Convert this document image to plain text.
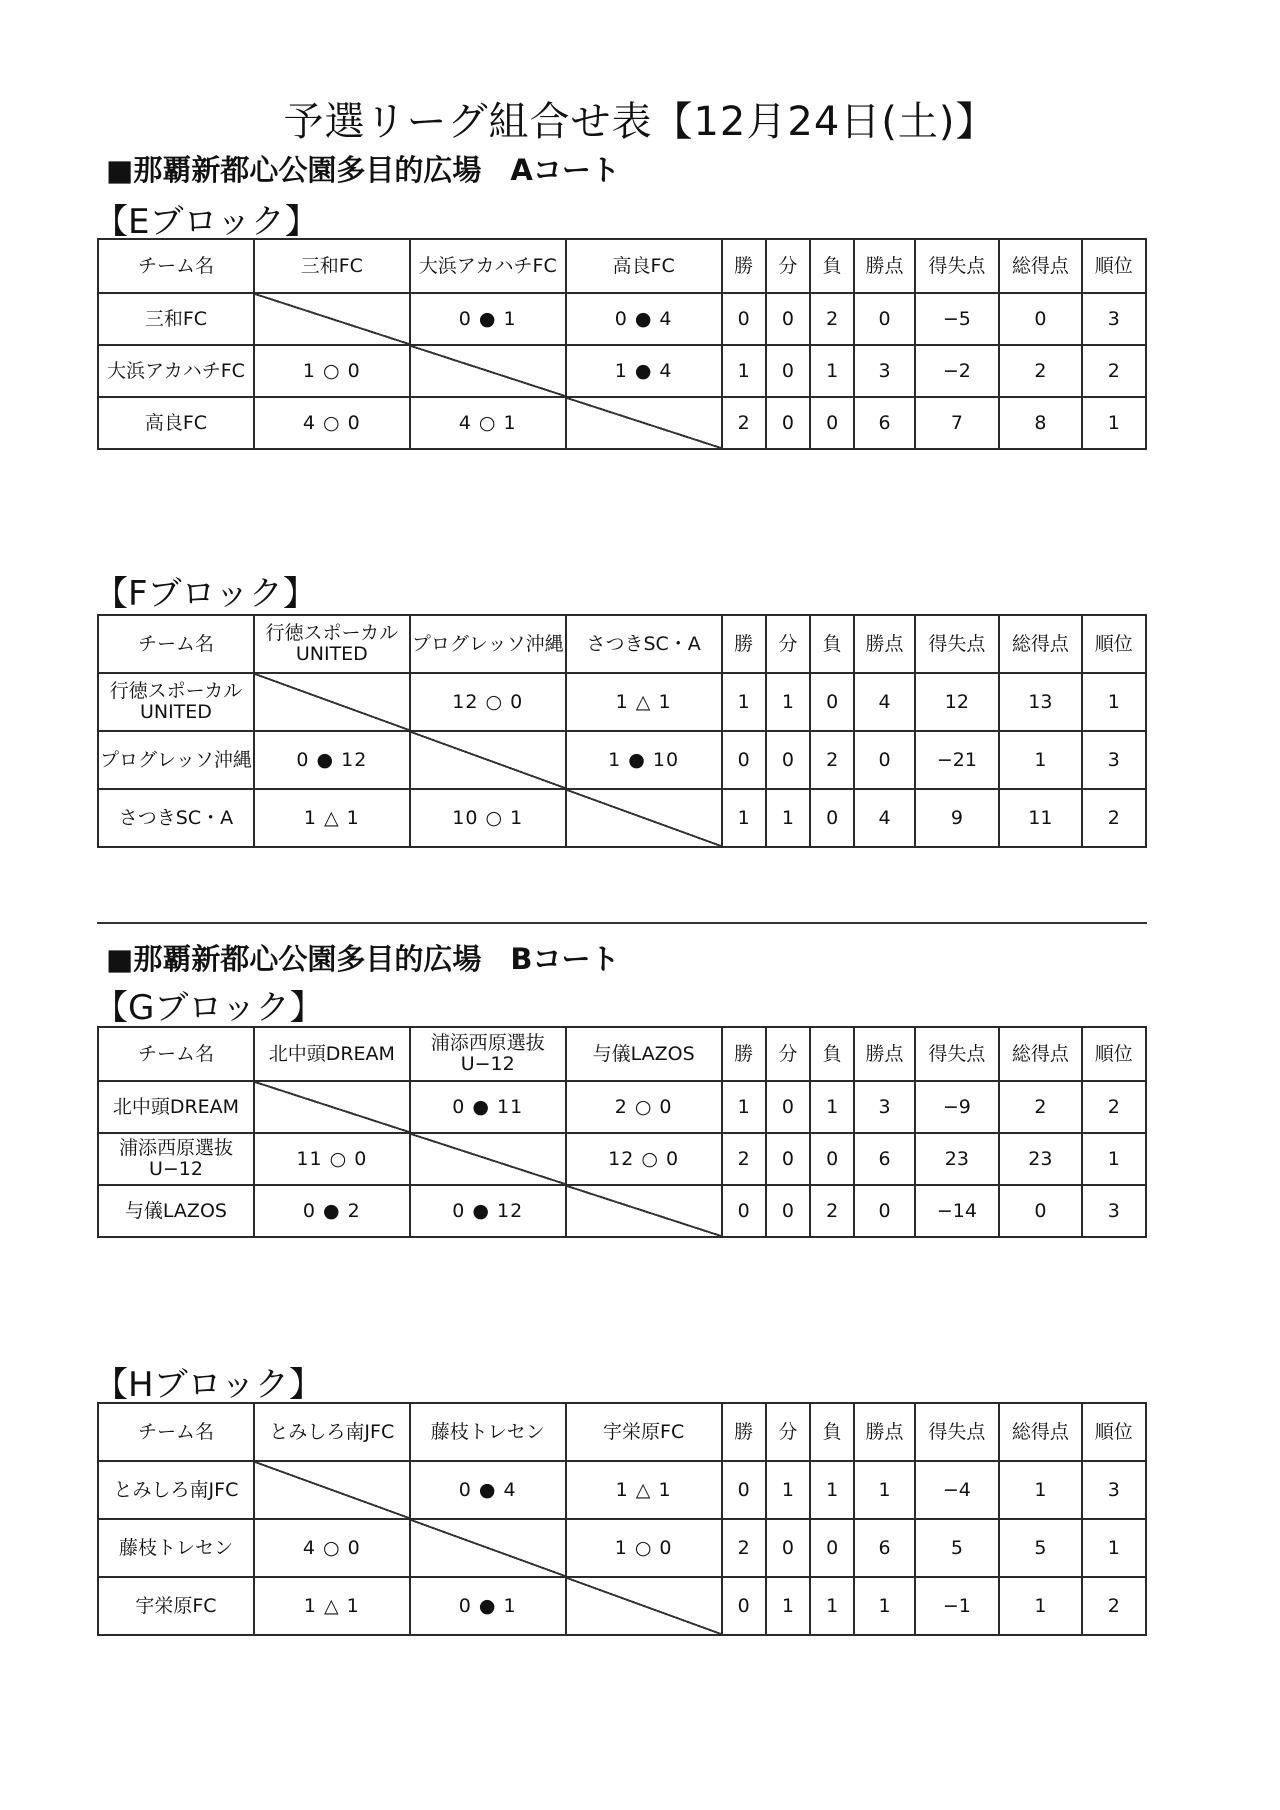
予選リーグ組合せ表【12月24日(土)】
■那覇新都心公園多目的広場　Aコート
【Eブロック】
チーム名	三和FC	大浜アカハチFC	高良FC	勝	分	負	勝点	得失点	総得点	順位
三和FC		0 ● 1	0 ● 4	0	0	2	0	−5	0	3
大浜アカハチFC	1 ○ 0		1 ● 4	1	0	1	3	−2	2	2
高良FC	4 ○ 0	4 ○ 1		2	0	0	6	7	8	1
【Fブロック】
チーム名	行徳スポーカル
UNITED	プログレッソ沖縄	さつきSC・A	勝	分	負	勝点	得失点	総得点	順位
行徳スポーカル
UNITED		12 ○ 0	1 △ 1	1	1	0	4	12	13	1
プログレッソ沖縄	0 ● 12		1 ● 10	0	0	2	0	−21	1	3
さつきSC・A	1 △ 1	10 ○ 1		1	1	0	4	9	11	2
■那覇新都心公園多目的広場　Bコート
【Gブロック】
チーム名	北中頭DREAM	浦添西原選抜
U−12	与儀LAZOS	勝	分	負	勝点	得失点	総得点	順位
北中頭DREAM		0 ● 11	2 ○ 0	1	0	1	3	−9	2	2
浦添西原選抜
U−12	11 ○ 0		12 ○ 0	2	0	0	6	23	23	1
与儀LAZOS	0 ● 2	0 ● 12		0	0	2	0	−14	0	3
【Hブロック】
チーム名	とみしろ南JFC	藤枝トレセン	宇栄原FC	勝	分	負	勝点	得失点	総得点	順位
とみしろ南JFC		0 ● 4	1 △ 1	0	1	1	1	−4	1	3
藤枝トレセン	4 ○ 0		1 ○ 0	2	0	0	6	5	5	1
宇栄原FC	1 △ 1	0 ● 1		0	1	1	1	−1	1	2
